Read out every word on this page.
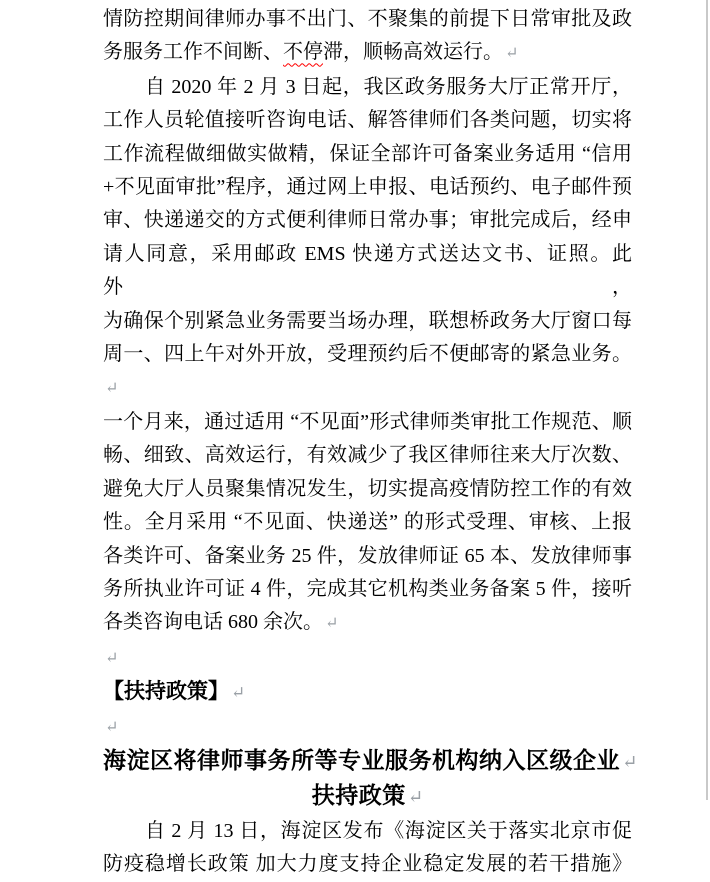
情防控期间律师办事不出门、不聚集的前提下日常审批及政
务服务工作不间断、不停滞，顺畅高效运行。 ↵
自 2020 年 2 月 3 日起，我区政务服务大厅正常开厅，
工作人员轮值接听咨询电话、解答律师们各类问题，切实将
工作流程做细做实做精，保证全部许可备案业务适用 “信用
+不见面审批”程序，通过网上申报、电话预约、电子邮件预
审、快递递交的方式便利律师日常办事；审批完成后，经申
请人同意，采用邮政 EMS 快递方式送达文书、证照。此外，
为确保个别紧急业务需要当场办理，联想桥政务大厅窗口每
周一、四上午对外开放，受理预约后不便邮寄的紧急业务。↵
一个月来，通过适用 “不见面”形式律师类审批工作规范、顺
畅、细致、高效运行，有效减少了我区律师往来大厅次数、
避免大厅人员聚集情况发生，切实提高疫情防控工作的有效
性。全月采用 “不见面、快递送” 的形式受理、审核、上报
各类许可、备案业务 25 件，发放律师证 65 本、发放律师事
务所执业许可证 4 件，完成其它机构类业务备案 5 件，接听
各类咨询电话 680 余次。 ↵
↵
【扶持政策】 ↵
↵
海淀区将律师事务所等专业服务机构纳入区级企业 ↵
扶持政策 ↵
自 2 月 13 日，海淀区发布《海淀区关于落实北京市促
防疫稳增长政策 加大力度支持企业稳定发展的若干措施》
